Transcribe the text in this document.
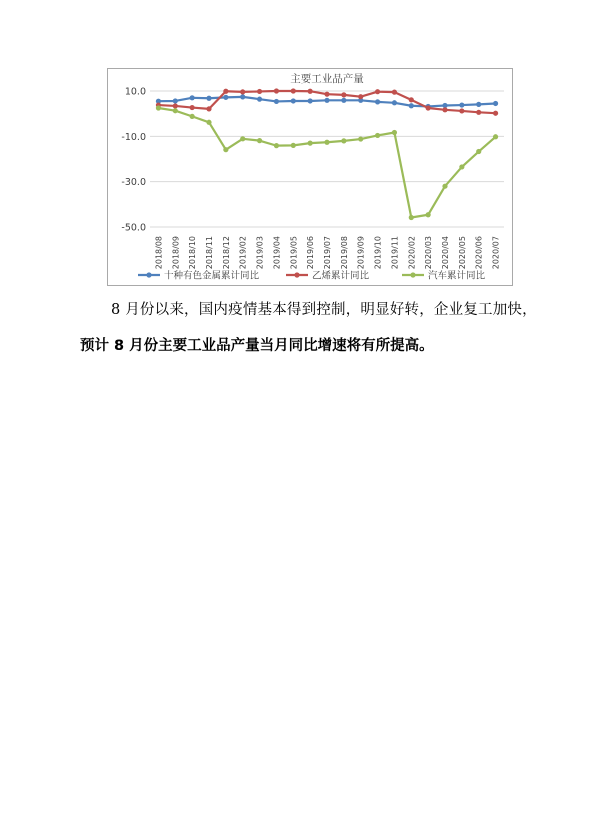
主要工业品产量
10.0
-10.0
-30.0
-50.0
2018/08 2018/09 2018/10 2018/11 2018/12 2019/02 2019/03 2019/04 2019/05 2019/06 2019/07 2019/08 2019/09 2019/10 2019/11 2020/02 2020/03 2020/04 2020/05 2020/06 2020/07
十种有色金属累计同比	乙烯累计同比	汽车累计同比

8 月份以来，国内疫情基本得到控制，明显好转，企业复工加快，

预计 8 月份主要工业品产量当月同比增速将有所提高。
